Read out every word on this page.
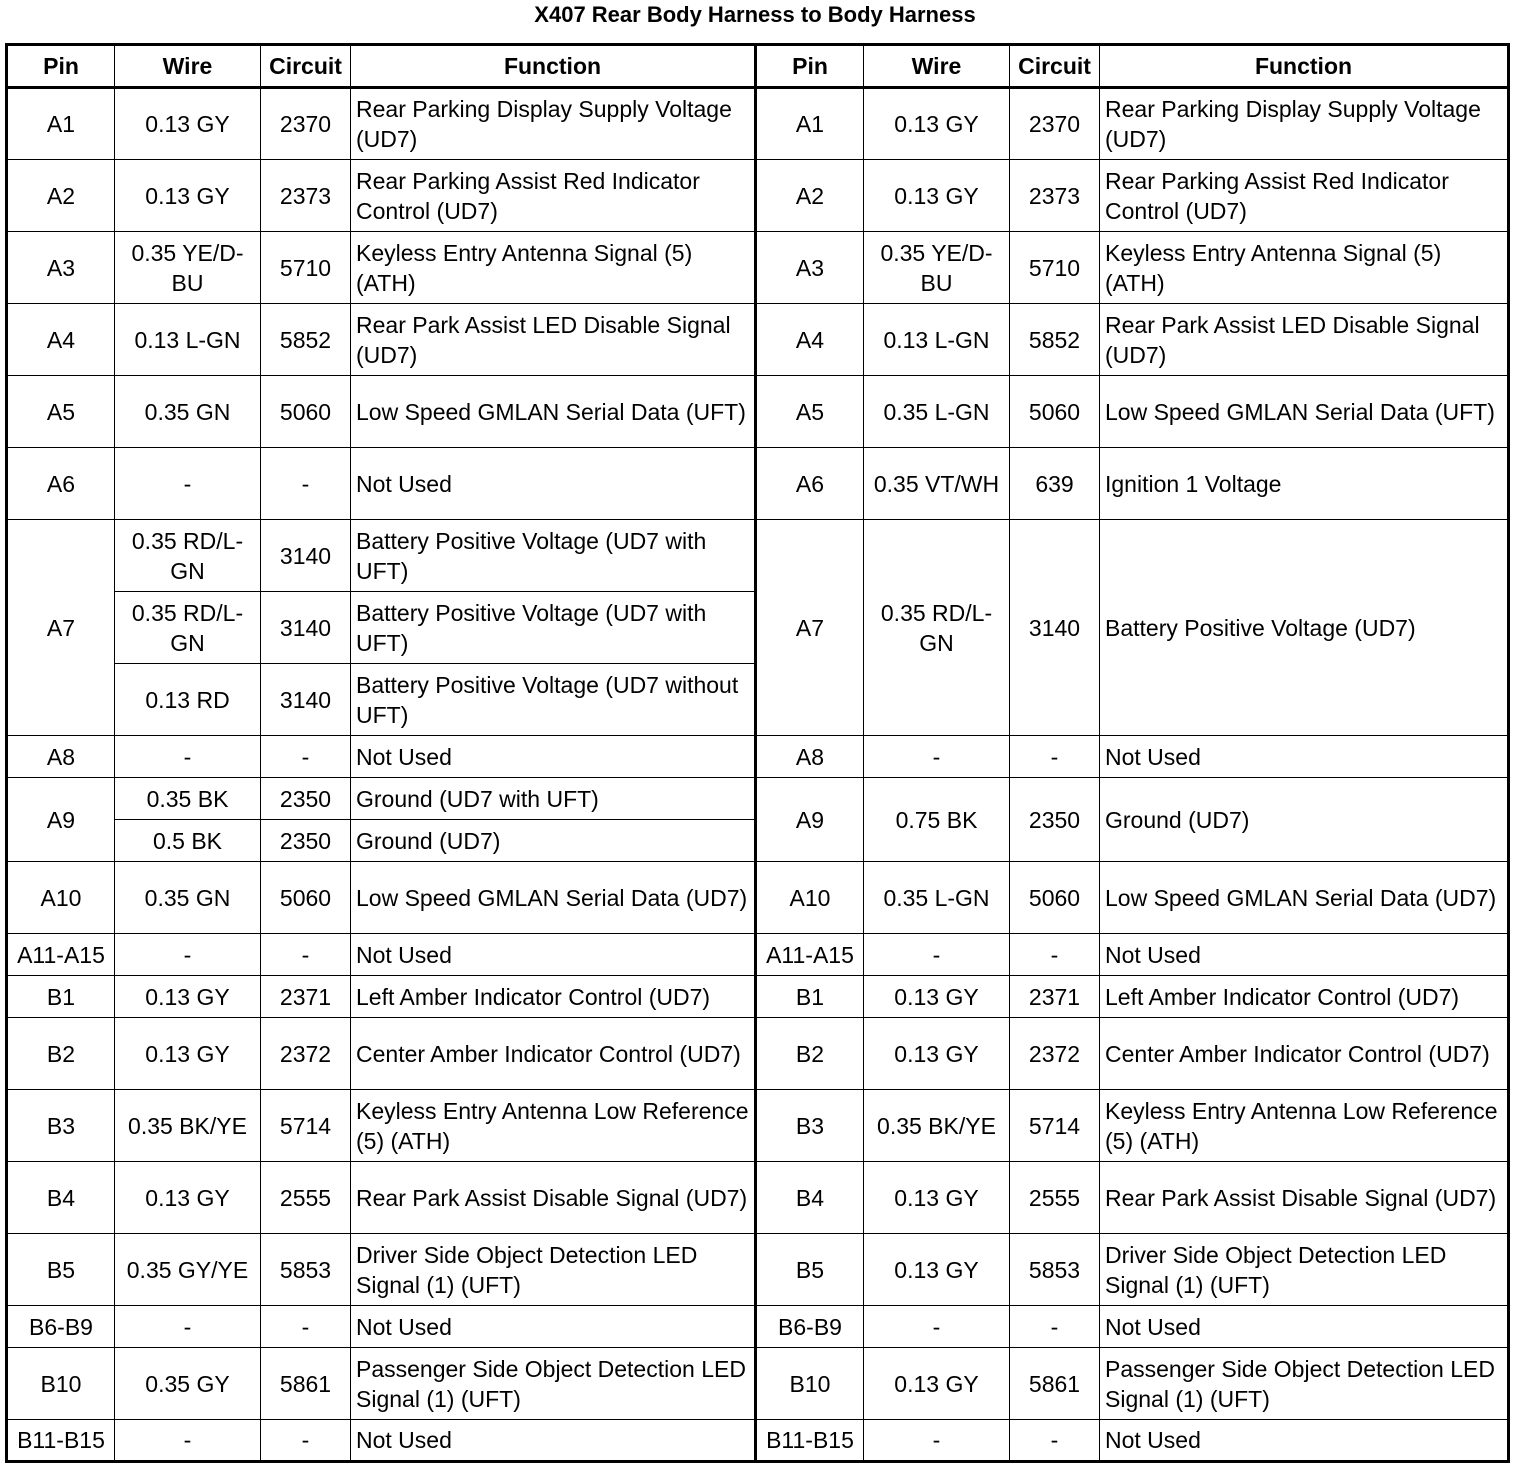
X407 Rear Body Harness to Body Harness
Pin	Wire	Circuit	Function	Pin	Wire	Circuit	Function
A1	0.13 GY	2370	Rear Parking Display Supply Voltage (UD7)	A1	0.13 GY	2370	Rear Parking Display Supply Voltage (UD7)
A2	0.13 GY	2373	Rear Parking Assist Red Indicator Control (UD7)	A2	0.13 GY	2373	Rear Parking Assist Red Indicator Control (UD7)
A3	0.35 YE/D-BU	5710	Keyless Entry Antenna Signal (5) (ATH)	A3	0.35 YE/D-BU	5710	Keyless Entry Antenna Signal (5) (ATH)
A4	0.13 L-GN	5852	Rear Park Assist LED Disable Signal (UD7)	A4	0.13 L-GN	5852	Rear Park Assist LED Disable Signal (UD7)
A5	0.35 GN	5060	Low Speed GMLAN Serial Data (UFT)	A5	0.35 L-GN	5060	Low Speed GMLAN Serial Data (UFT)
A6	-	-	Not Used	A6	0.35 VT/WH	639	Ignition 1 Voltage
A7	0.35 RD/L-GN	3140	Battery Positive Voltage (UD7 with UFT)	A7	0.35 RD/L-GN	3140	Battery Positive Voltage (UD7)
	0.35 RD/L-GN	3140	Battery Positive Voltage (UD7 with UFT)				
	0.13 RD	3140	Battery Positive Voltage (UD7 without UFT)				
A8	-	-	Not Used	A8	-	-	Not Used
A9	0.35 BK	2350	Ground (UD7 with UFT)	A9	0.75 BK	2350	Ground (UD7)
	0.5 BK	2350	Ground (UD7)				
A10	0.35 GN	5060	Low Speed GMLAN Serial Data (UD7)	A10	0.35 L-GN	5060	Low Speed GMLAN Serial Data (UD7)
A11-A15	-	-	Not Used	A11-A15	-	-	Not Used
B1	0.13 GY	2371	Left Amber Indicator Control (UD7)	B1	0.13 GY	2371	Left Amber Indicator Control (UD7)
B2	0.13 GY	2372	Center Amber Indicator Control (UD7)	B2	0.13 GY	2372	Center Amber Indicator Control (UD7)
B3	0.35 BK/YE	5714	Keyless Entry Antenna Low Reference (5) (ATH)	B3	0.35 BK/YE	5714	Keyless Entry Antenna Low Reference (5) (ATH)
B4	0.13 GY	2555	Rear Park Assist Disable Signal (UD7)	B4	0.13 GY	2555	Rear Park Assist Disable Signal (UD7)
B5	0.35 GY/YE	5853	Driver Side Object Detection LED Signal (1) (UFT)	B5	0.13 GY	5853	Driver Side Object Detection LED Signal (1) (UFT)
B6-B9	-	-	Not Used	B6-B9	-	-	Not Used
B10	0.35 GY	5861	Passenger Side Object Detection LED Signal (1) (UFT)	B10	0.13 GY	5861	Passenger Side Object Detection LED Signal (1) (UFT)
B11-B15	-	-	Not Used	B11-B15	-	-	Not Used
